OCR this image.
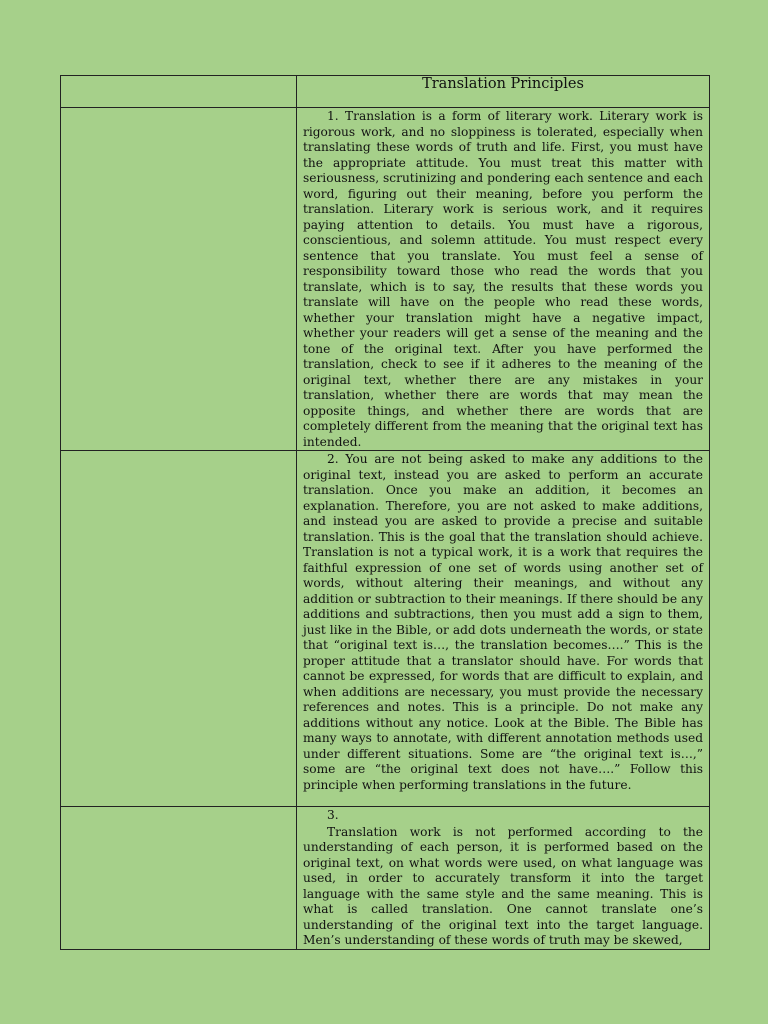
	Translation Principles

	1. Translation is a form of literary work. Literary work is rigorous work, and no sloppiness is tolerated, especially when translating these words of truth and life. First, you must have the appropriate attitude. You must treat this matter with seriousness, scrutinizing and pondering each sentence and each word, figuring out their meaning, before you perform the translation. Literary work is serious work, and it requires paying attention to details. You must have a rigorous, conscientious, and solemn attitude. You must respect every sentence that you translate. You must feel a sense of responsibility toward those who read the words that you translate, which is to say, the results that these words you translate will have on the people who read these words, whether your translation might have a negative impact, whether your readers will get a sense of the meaning and the tone of the original text. After you have performed the translation, check to see if it adheres to the meaning of the original text, whether there are any mistakes in your translation, whether there are words that may mean the opposite things, and whether there are words that are completely different from the meaning that the original text has intended.

	2. You are not being asked to make any additions to the original text, instead you are asked to perform an accurate translation. Once you make an addition, it becomes an explanation. Therefore, you are not asked to make additions, and instead you are asked to provide a precise and suitable translation. This is the goal that the translation should achieve. Translation is not a typical work, it is a work that requires the faithful expression of one set of words using another set of words, without altering their meanings, and without any addition or subtraction to their meanings. If there should be any additions and subtractions, then you must add a sign to them, just like in the Bible, or add dots underneath the words, or state that “original text is…, the translation becomes….” This is the proper attitude that a translator should have. For words that cannot be expressed, for words that are difficult to explain, and when additions are necessary, you must provide the necessary references and notes. This is a principle. Do not make any additions without any notice. Look at the Bible. The Bible has many ways to annotate, with different annotation methods used under different situations. Some are “the original text is…,” some are “the original text does not have….” Follow this principle when performing translations in the future.

	3.
Translation work is not performed according to the understanding of each person, it is performed based on the original text, on what words were used, on what language was used, in order to accurately transform it into the target language with the same style and the same meaning. This is what is called translation. One cannot translate one’s understanding of the original text into the target language. Men’s understanding of these words of truth may be skewed,
